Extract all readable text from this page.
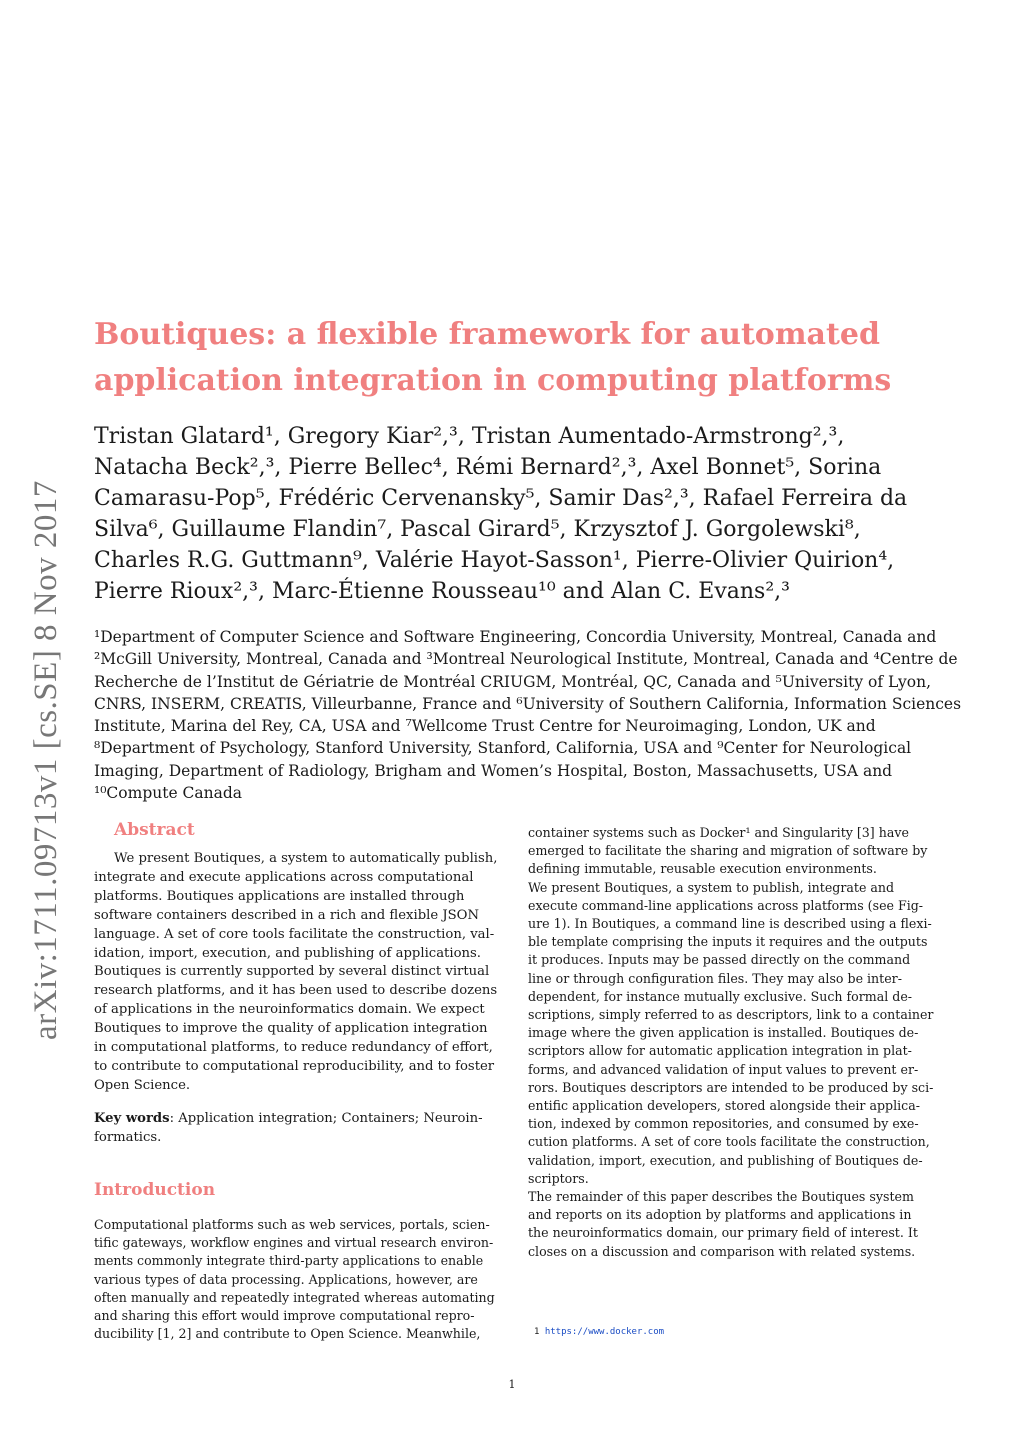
arXiv:1711.09713v1 [cs.SE] 8 Nov 2017
Boutiques: a flexible framework for automated
application integration in computing platforms
Tristan Glatard¹, Gregory Kiar²,³, Tristan Aumentado-Armstrong²,³,
Natacha Beck²,³, Pierre Bellec⁴, Rémi Bernard²,³, Axel Bonnet⁵, Sorina
Camarasu-Pop⁵, Frédéric Cervenansky⁵, Samir Das²,³, Rafael Ferreira da
Silva⁶, Guillaume Flandin⁷, Pascal Girard⁵, Krzysztof J. Gorgolewski⁸,
Charles R.G. Guttmann⁹, Valérie Hayot-Sasson¹, Pierre-Olivier Quirion⁴,
Pierre Rioux²,³, Marc-Étienne Rousseau¹⁰ and Alan C. Evans²,³
¹Department of Computer Science and Software Engineering, Concordia University, Montreal, Canada and
²McGill University, Montreal, Canada and ³Montreal Neurological Institute, Montreal, Canada and ⁴Centre de
Recherche de l’Institut de Gériatrie de Montréal CRIUGM, Montréal, QC, Canada and ⁵University of Lyon,
CNRS, INSERM, CREATIS, Villeurbanne, France and ⁶University of Southern California, Information Sciences
Institute, Marina del Rey, CA, USA and ⁷Wellcome Trust Centre for Neuroimaging, London, UK and
⁸Department of Psychology, Stanford University, Stanford, California, USA and ⁹Center for Neurological
Imaging, Department of Radiology, Brigham and Women’s Hospital, Boston, Massachusetts, USA and
¹⁰Compute Canada
Abstract
We present Boutiques, a system to automatically publish,
integrate and execute applications across computational
platforms. Boutiques applications are installed through
software containers described in a rich and flexible JSON
language. A set of core tools facilitate the construction, val-
idation, import, execution, and publishing of applications.
Boutiques is currently supported by several distinct virtual
research platforms, and it has been used to describe dozens
of applications in the neuroinformatics domain. We expect
Boutiques to improve the quality of application integration
in computational platforms, to reduce redundancy of effort,
to contribute to computational reproducibility, and to foster
Open Science.
Key words: Application integration; Containers; Neuroin-
formatics.
Introduction
Computational platforms such as web services, portals, scien-
tific gateways, workflow engines and virtual research environ-
ments commonly integrate third-party applications to enable
various types of data processing. Applications, however, are
often manually and repeatedly integrated whereas automating
and sharing this effort would improve computational repro-
ducibility [1, 2] and contribute to Open Science. Meanwhile,
container systems such as Docker¹ and Singularity [3] have
emerged to facilitate the sharing and migration of software by
defining immutable, reusable execution environments.
We present Boutiques, a system to publish, integrate and
execute command-line applications across platforms (see Fig-
ure 1). In Boutiques, a command line is described using a flexi-
ble template comprising the inputs it requires and the outputs
it produces. Inputs may be passed directly on the command
line or through configuration files. They may also be inter-
dependent, for instance mutually exclusive. Such formal de-
scriptions, simply referred to as descriptors, link to a container
image where the given application is installed. Boutiques de-
scriptors allow for automatic application integration in plat-
forms, and advanced validation of input values to prevent er-
rors. Boutiques descriptors are intended to be produced by sci-
entific application developers, stored alongside their applica-
tion, indexed by common repositories, and consumed by exe-
cution platforms. A set of core tools facilitate the construction,
validation, import, execution, and publishing of Boutiques de-
scriptors.
The remainder of this paper describes the Boutiques system
and reports on its adoption by platforms and applications in
the neuroinformatics domain, our primary field of interest. It
closes on a discussion and comparison with related systems.
1 https://www.docker.com
1
